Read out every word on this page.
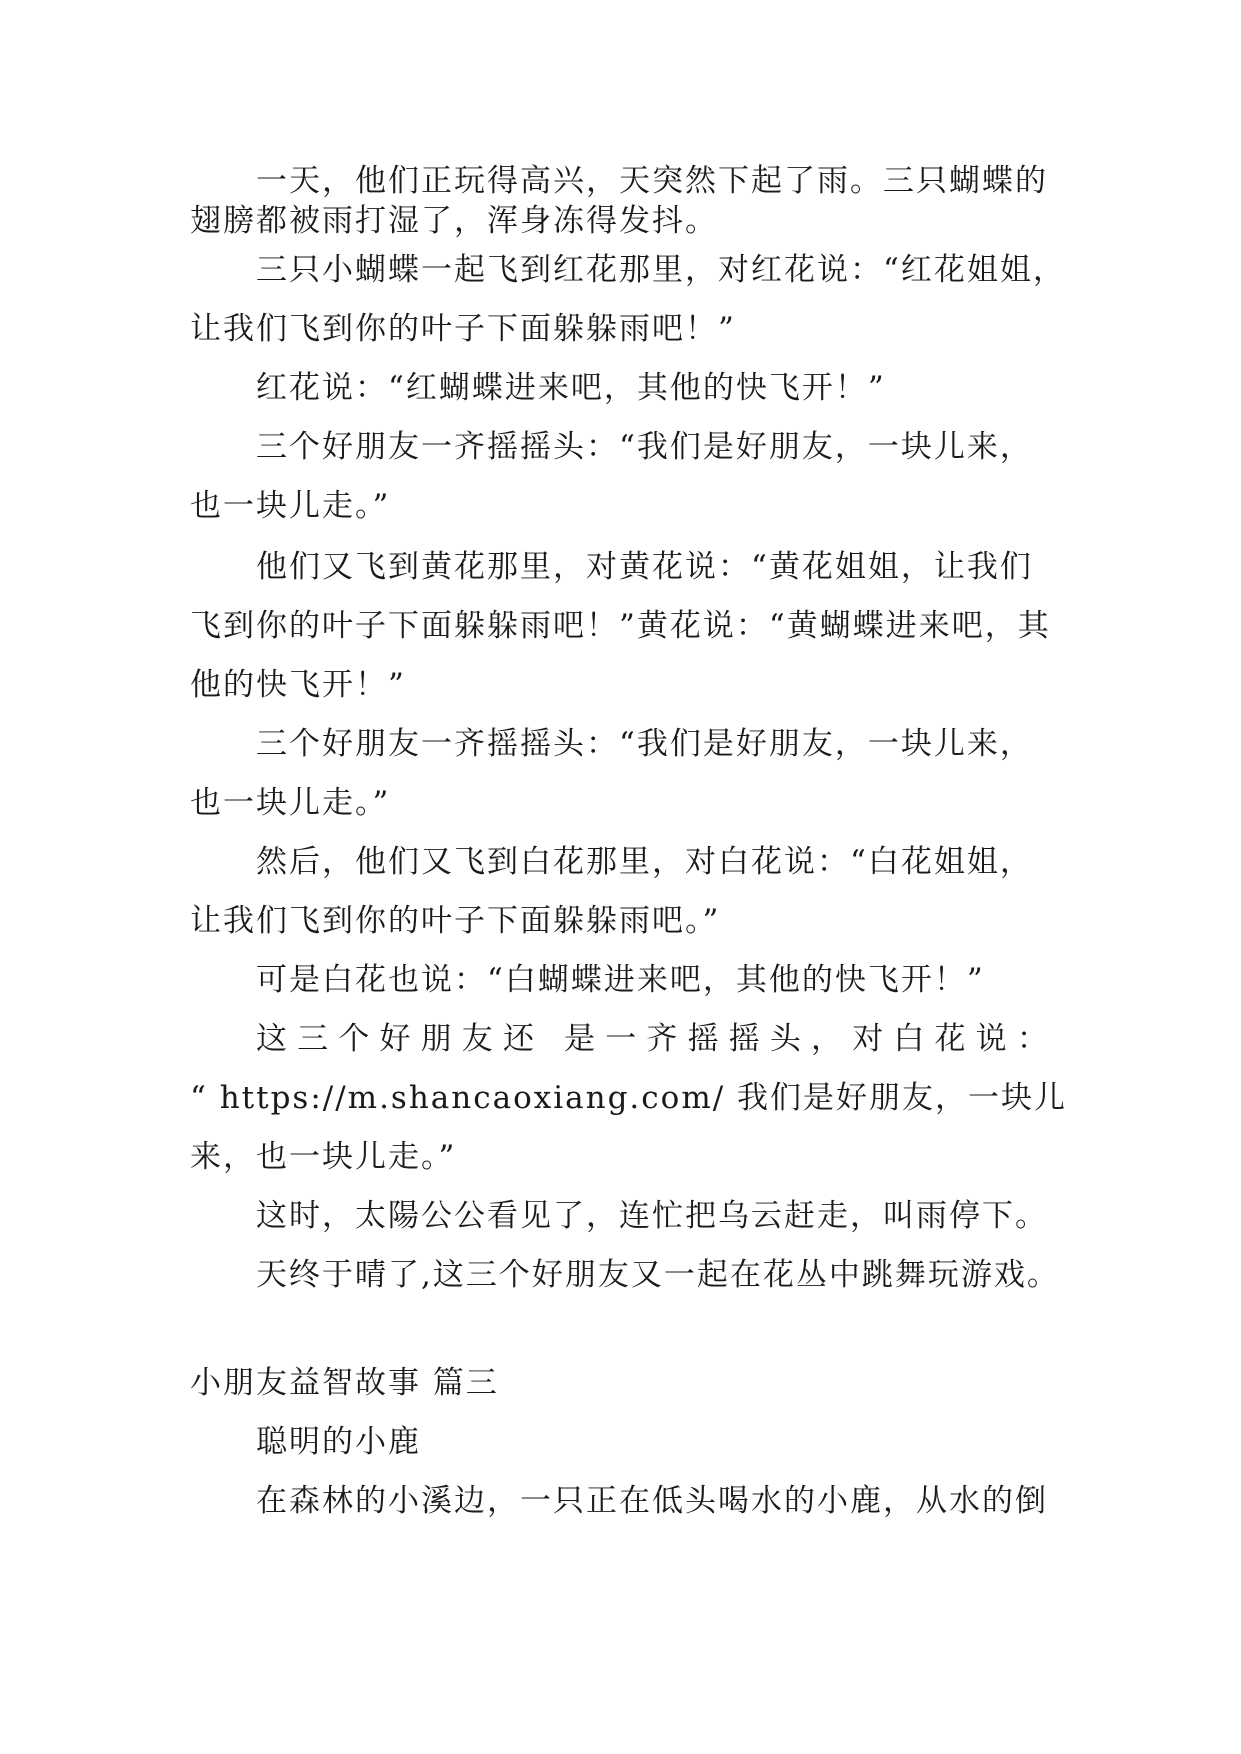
一天，他们正玩得高兴，天突然下起了雨。三只蝴蝶的

翅膀都被雨打湿了，浑身冻得发抖。

三只小蝴蝶一起飞到红花那里，对红花说：“红花姐姐，

让我们飞到你的叶子下面躲躲雨吧！”

红花说：“红蝴蝶进来吧，其他的快飞开！”

三个好朋友一齐摇摇头：“我们是好朋友，一块儿来，

也一块儿走。”

他们又飞到黄花那里，对黄花说：“黄花姐姐，让我们

飞到你的叶子下面躲躲雨吧！”黄花说：“黄蝴蝶进来吧，其

他的快飞开！”

三个好朋友一齐摇摇头：“我们是好朋友，一块儿来，

也一块儿走。”

然后，他们又飞到白花那里，对白花说：“白花姐姐，

让我们飞到你的叶子下面躲躲雨吧。”

可是白花也说：“白蝴蝶进来吧，其他的快飞开！”

这 三 个 好 朋 友 还
是 一 齐 摇 摇 头 ， 对 白 花 说 ：

“ https://m.shancaoxiang.com/ 我们是好朋友，一块儿

来，也一块儿走。”

这时，太陽公公看见了，连忙把乌云赶走，叫雨停下。

天终于晴了,这三个好朋友又一起在花丛中跳舞玩游戏。

小朋友益智故事 篇三

聪明的小鹿

在森林的小溪边，一只正在低头喝水的小鹿，从水的倒
